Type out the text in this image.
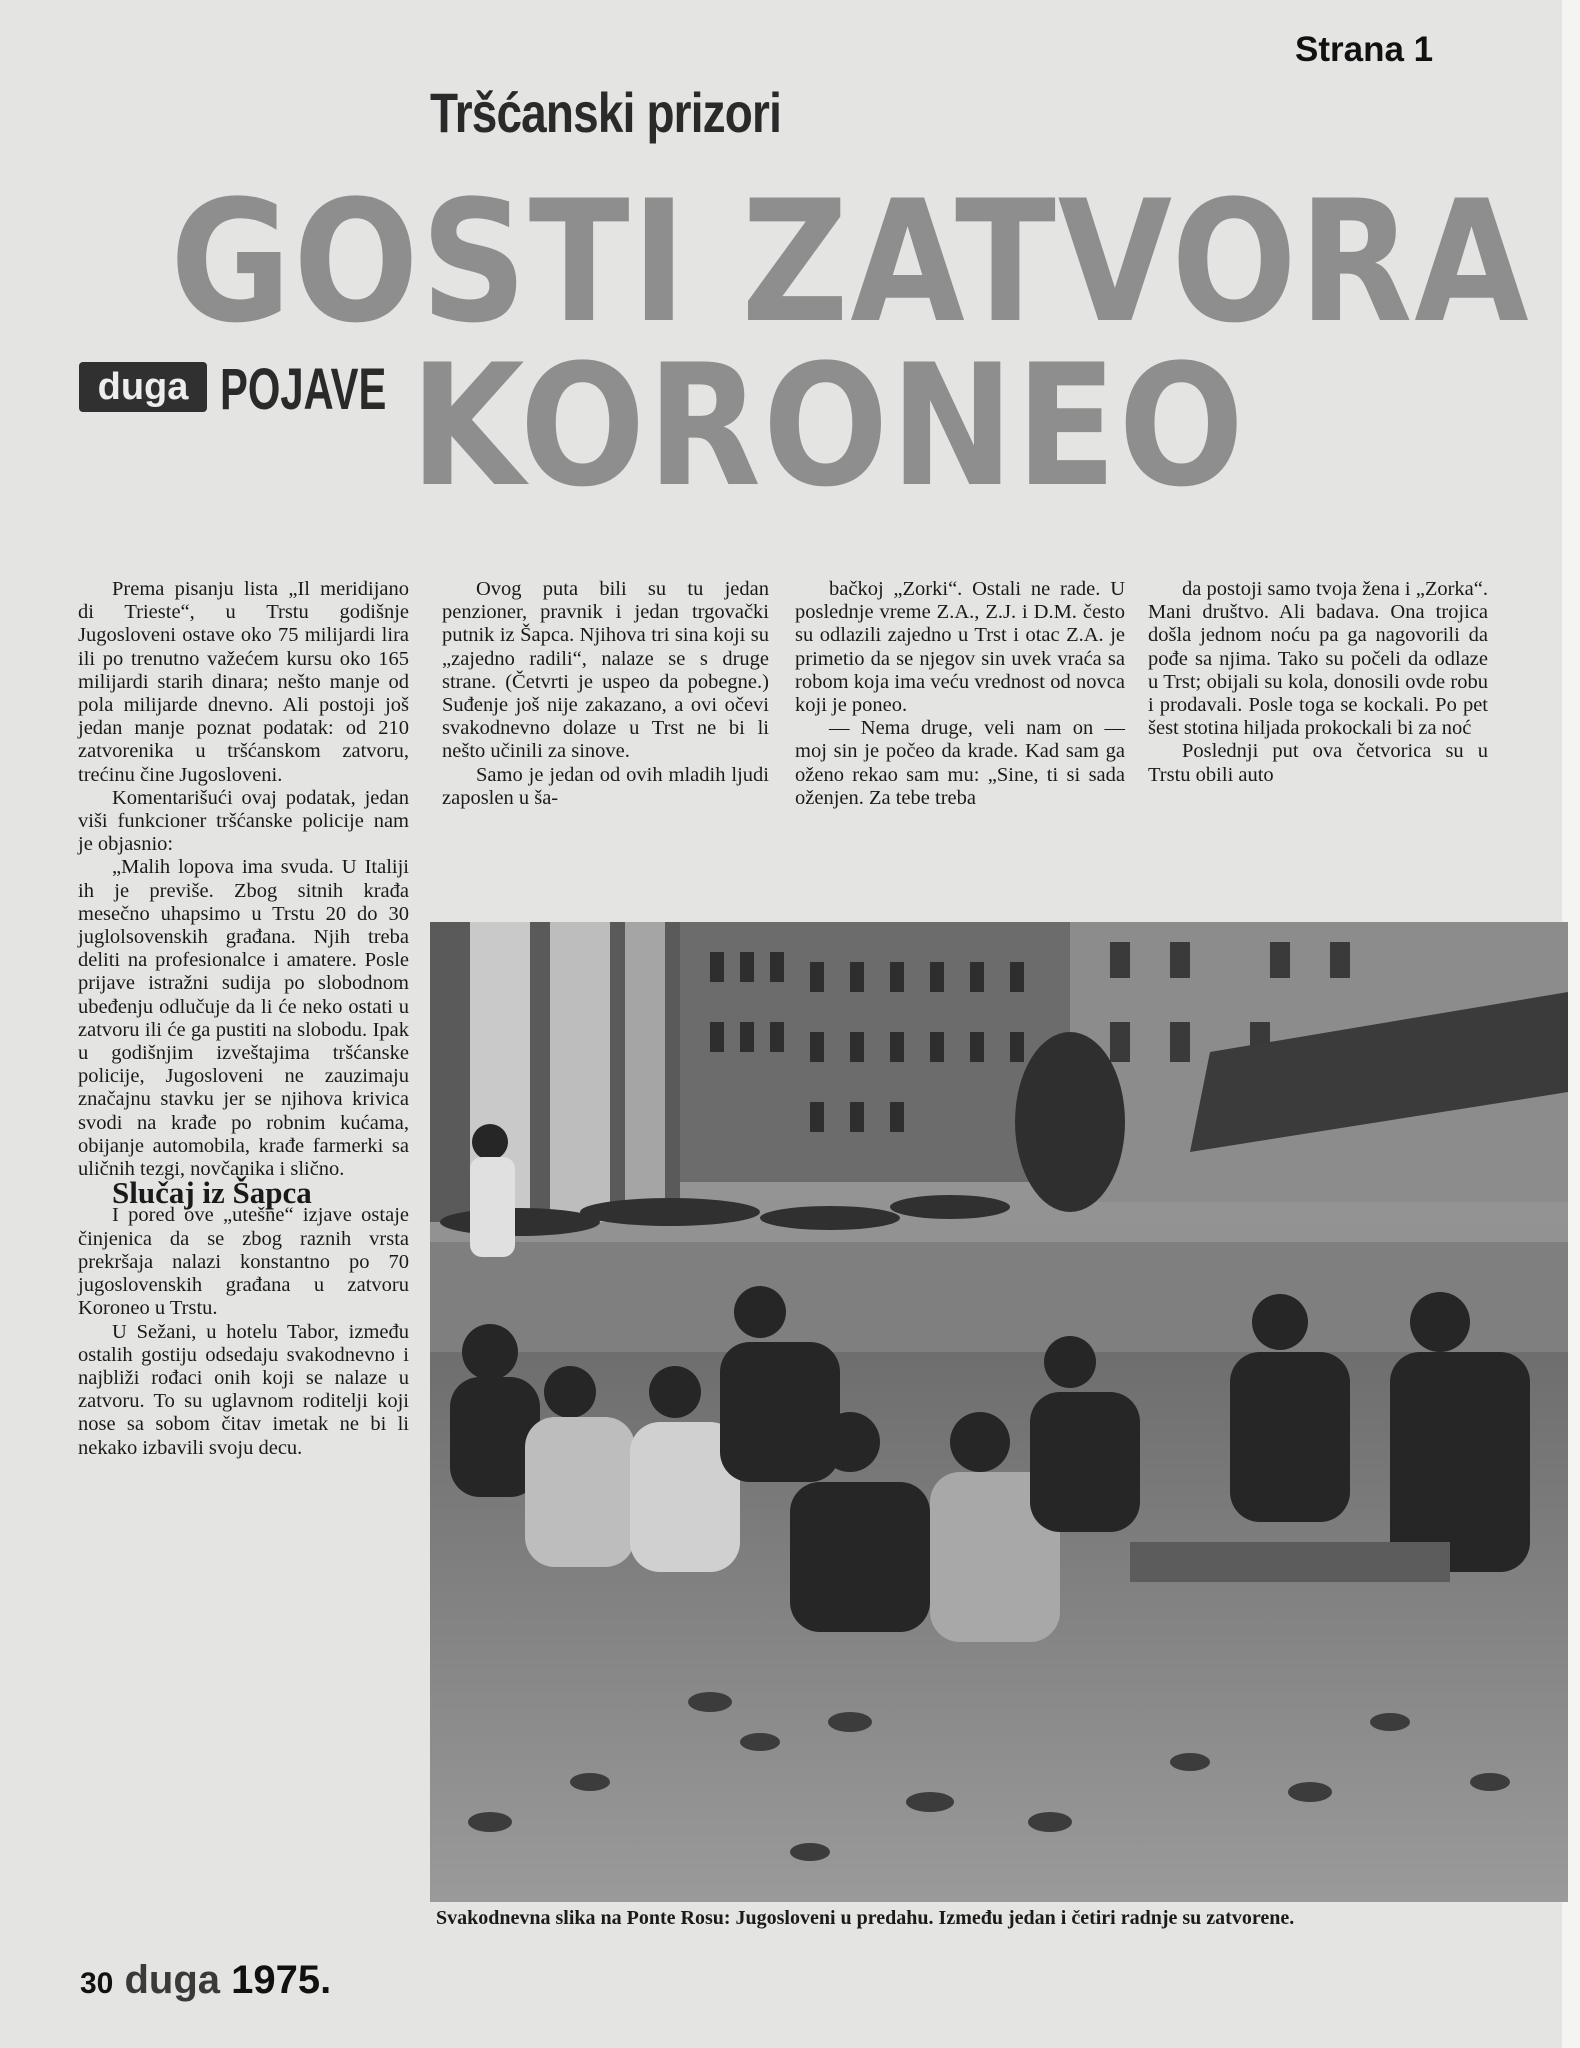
Strana 1
Tršćanski prizori
GOSTI ZATVORA
KORONEO
duga POJAVE

Prema pisanju lista „Il meridijano di Trieste“, u Trstu godišnje Jugosloveni ostave oko 75 milijardi lira ili po trenutno važećem kursu oko 165 milijardi starih dinara; nešto manje od pola milijarde dnevno. Ali postoji još jedan manje poznat podatak: od 210 zatvorenika u tršćanskom zatvoru, trećinu čine Jugosloveni.

Komentarišući ovaj podatak, jedan viši funkcioner tršćanske policije nam je objasnio:

„Malih lopova ima svuda. U Italiji ih je previše. Zbog sitnih krađa mesečno uhapsimo u Trstu 20 do 30 juglolsovenskih građana. Njih treba deliti na profesionalce i amatere. Posle prijave istražni sudija po slobodnom ubeđenju odlučuje da li će neko ostati u zatvoru ili će ga pustiti na slobodu. Ipak u godišnjim izveštajima tršćanske policije, Jugosloveni ne zauzimaju značajnu stavku jer se njihova krivica svodi na krađe po robnim kućama, obijanje automobila, krađe farmerki sa uličnih tezgi, novčanika i slično.

Slučaj iz Šapca

I pored ove „utešne“ izjave ostaje činjenica da se zbog raznih vrsta prekršaja nalazi konstantno po 70 jugoslovenskih građana u zatvoru Koroneo u Trstu.

U Sežani, u hotelu Tabor, između ostalih gostiju odsedaju svakodnevno i najbliži rođaci onih koji se nalaze u zatvoru. To su uglavnom roditelji koji nose sa sobom čitav imetak ne bi li nekako izbavili svoju decu.

Ovog puta bili su tu jedan penzioner, pravnik i jedan trgovački putnik iz Šapca. Njihova tri sina koji su „zajedno radili“, nalaze se s druge strane. (Četvrti je uspeo da pobegne.) Suđenje još nije zakazano, a ovi očevi svakodnevno dolaze u Trst ne bi li nešto učinili za sinove.

Samo je jedan od ovih mladih ljudi zaposlen u ša-

bačkoj „Zorki“. Ostali ne rade. U poslednje vreme Z.A., Z.J. i D.M. često su odlazili zajedno u Trst i otac Z.A. je primetio da se njegov sin uvek vraća sa robom koja ima veću vrednost od novca koji je poneo.

— Nema druge, veli nam on — moj sin je počeo da krade. Kad sam ga oženo rekao sam mu: „Sine, ti si sada oženjen. Za tebe treba

da postoji samo tvoja žena i „Zorka“. Mani društvo. Ali badava. Ona trojica došla jednom noću pa ga nagovorili da pođe sa njima. Tako su počeli da odlaze u Trst; obijali su kola, donosili ovde robu i prodavali. Posle toga se kockali. Po pet šest stotina hiljada prokockali bi za noć

Poslednji put ova četvorica su u Trstu obili auto

Svakodnevna slika na Ponte Rosu: Jugosloveni u predahu. Između jedan i četiri radnje su zatvorene.
30 duga 1975.
